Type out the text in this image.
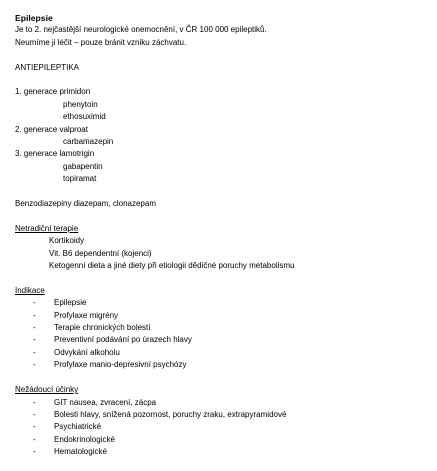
Epilepsie
Je to 2. nejčastější neurologické onemocnění, v ČR 100 000 epileptiků.
Neumíme ji léčit – pouze bránit vzniku záchvatu.
ANTIEPILEPTIKA
1. generace primidon
phenytoin
ethosuximid
2. generace valproat
carbamazepin
3. generace lamotrigin
gabapentin
topiramat
Benzodiazepiny diazepam, clonazepam
Netradiční terapie
Kortikoidy
Vit. B6 dependentní (kojenci)
Ketogenní dieta a jiné diety při etiologii dědičné poruchy metabolismu
Indikace
-	Epilepsie
-	Profylaxe migrény
-	Terapie chronických bolestí
-	Preventivní podávání po úrazech hlavy
-	Odvykání alkoholu
-	Profylaxe manio-depresivní psychózy
Nežádoucí účinky
-	GIT nausea, zvracení, zácpa
-	Bolesti hlavy, snížená pozornost, poruchy zraku, extrapyramidové
-	Psychiatrické
-	Endokrinologické
-	Hematologické
